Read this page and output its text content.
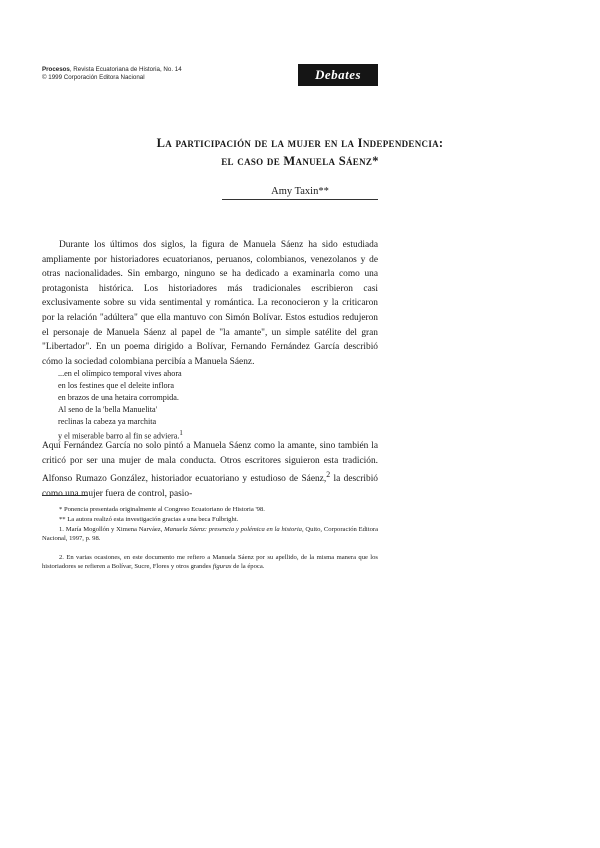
Procesos, Revista Ecuatoriana de Historia, No. 14
© 1999 Corporación Editora Nacional	Debates
La participación de la mujer en la Independencia:
el caso de Manuela Sáenz*
Amy Taxin**

Durante los últimos dos siglos, la figura de Manuela Sáenz ha sido estudiada ampliamente por historiadores ecuatorianos, peruanos, colombianos, venezolanos y de otras nacionalidades. Sin embargo, ninguno se ha dedicado a examinarla como una protagonista histórica. Los historiadores más tradicionales escribieron casi exclusivamente sobre su vida sentimental y romántica. La reconocieron y la criticaron por la relación "adúltera" que ella mantuvo con Simón Bolívar. Estos estudios redujeron el personaje de Manuela Sáenz al papel de "la amante", un simple satélite del gran "Libertador". En un poema dirigido a Bolívar, Fernando Fernández García describió cómo la sociedad colombiana percibía a Manuela Sáenz.

...en el olímpico temporal vives ahora
en los festines que el deleite inflora
en brazos de una hetaira corrompida.
Al seno de la 'bella Manuelita'
reclinas la cabeza ya marchita
y el miserable barro al fin se adviera.$^1$

Aquí Fernández García no solo pintó a Manuela Sáenz como la amante, sino también la criticó por ser una mujer de mala conducta. Otros escritores siguieron esta tradición. Alfonso Rumazo González, historiador ecuatoriano y estudioso de Sáenz,$^2$ la describió como una mujer fuera de control, pasio-

* Ponencia presentada originalmente al Congreso Ecuatoriano de Historia '98.

** La autora realizó esta investigación gracias a una beca Fulbright.

1. María Mogollón y Ximena Narváez, Manuela Sáenz: presencia y polémica en la historia, Quito, Corporación Editora Nacional, 1997, p. 98.

2. En varias ocasiones, en este documento me refiero a Manuela Sáenz por su apellido, de la misma manera que los historiadores se refieren a Bolívar, Sucre, Flores y otros grandes figuras de la época.
